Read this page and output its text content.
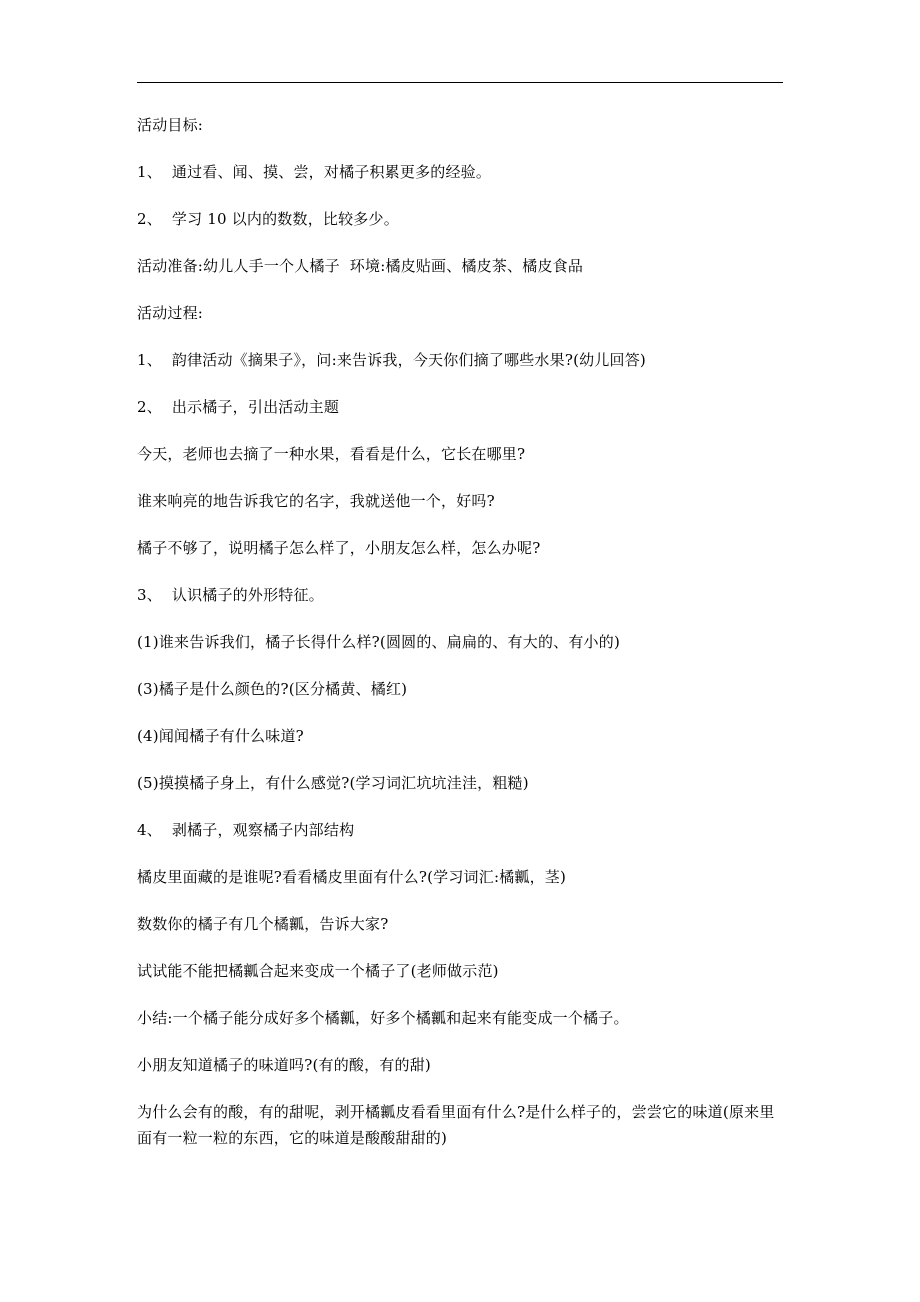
活动目标:

1、  通过看、闻、摸、尝，对橘子积累更多的经验。

2、  学习 10 以内的数数，比较多少。

活动准备:幼儿人手一个人橘子  环境:橘皮贴画、橘皮茶、橘皮食品

活动过程:

1、  韵律活动《摘果子》，问:来告诉我，今天你们摘了哪些水果?(幼儿回答)

2、  出示橘子，引出活动主题

今天，老师也去摘了一种水果，看看是什么，它长在哪里?

谁来响亮的地告诉我它的名字，我就送他一个，好吗?

橘子不够了，说明橘子怎么样了，小朋友怎么样，怎么办呢?

3、  认识橘子的外形特征。

(1)谁来告诉我们，橘子长得什么样?(圆圆的、扁扁的、有大的、有小的)

(3)橘子是什么颜色的?(区分橘黄、橘红)

(4)闻闻橘子有什么味道?

(5)摸摸橘子身上，有什么感觉?(学习词汇坑坑洼洼，粗糙)

4、  剥橘子，观察橘子内部结构

橘皮里面藏的是谁呢?看看橘皮里面有什么?(学习词汇:橘瓤，茎)

数数你的橘子有几个橘瓤，告诉大家?

试试能不能把橘瓤合起来变成一个橘子了(老师做示范)

小结:一个橘子能分成好多个橘瓤，好多个橘瓤和起来有能变成一个橘子。

小朋友知道橘子的味道吗?(有的酸，有的甜)

为什么会有的酸，有的甜呢，剥开橘瓤皮看看里面有什么?是什么样子的，尝尝它的味道(原来里面有一粒一粒的东西，它的味道是酸酸甜甜的)
